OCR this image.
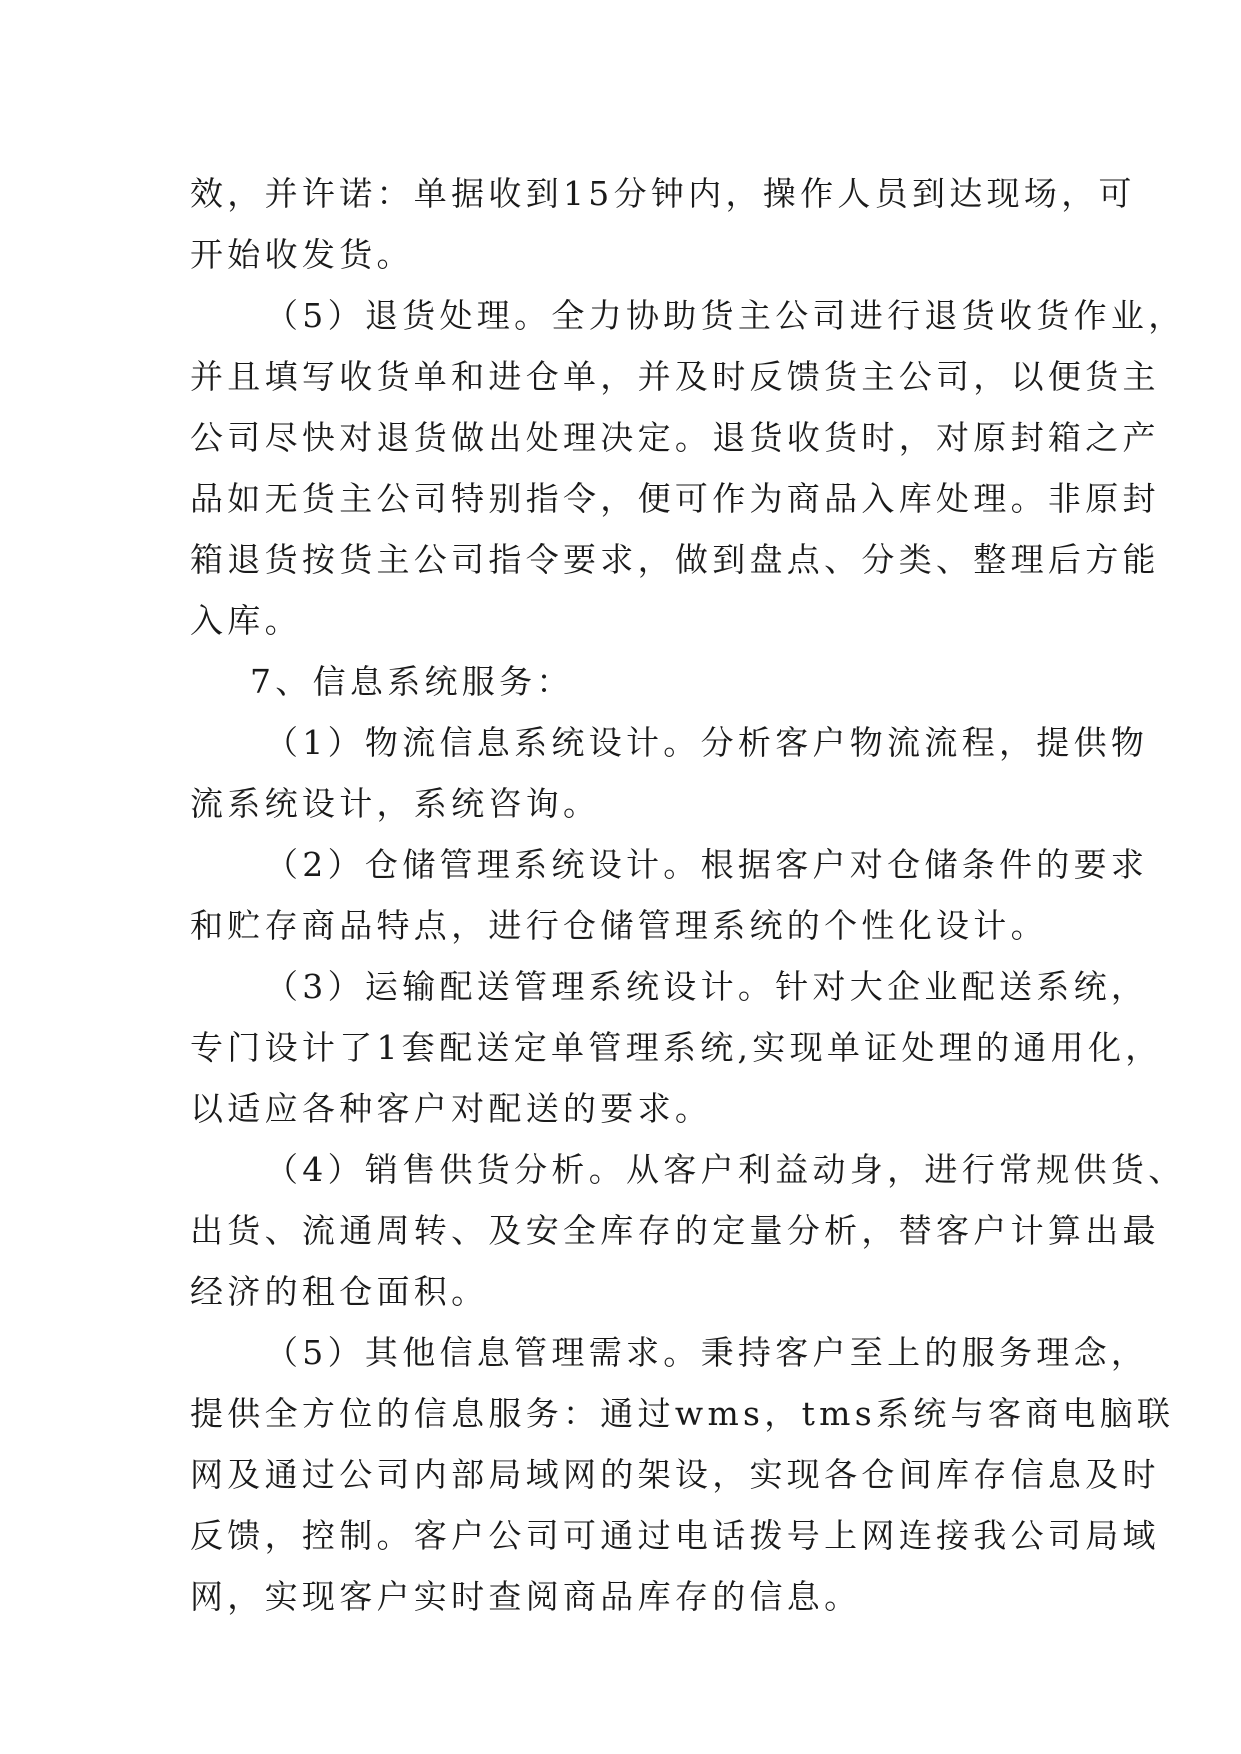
效，并许诺：单据收到15分钟内，操作人员到达现场，可
开始收发货。
（5）退货处理。全力协助货主公司进行退货收货作业，
并且填写收货单和进仓单，并及时反馈货主公司，以便货主
公司尽快对退货做出处理决定。退货收货时，对原封箱之产
品如无货主公司特别指令，便可作为商品入库处理。非原封
箱退货按货主公司指令要求，做到盘点、分类、整理后方能
入库。
7、信息系统服务：
（1）物流信息系统设计。分析客户物流流程，提供物
流系统设计，系统咨询。
（2）仓储管理系统设计。根据客户对仓储条件的要求
和贮存商品特点，进行仓储管理系统的个性化设计。
（3）运输配送管理系统设计。针对大企业配送系统，
专门设计了1套配送定单管理系统,实现单证处理的通用化，
以适应各种客户对配送的要求。
（4）销售供货分析。从客户利益动身，进行常规供货、
出货、流通周转、及安全库存的定量分析，替客户计算出最
经济的租仓面积。
（5）其他信息管理需求。秉持客户至上的服务理念，
提供全方位的信息服务：通过wms，tms系统与客商电脑联
网及通过公司内部局域网的架设，实现各仓间库存信息及时
反馈，控制。客户公司可通过电话拨号上网连接我公司局域
网，实现客户实时查阅商品库存的信息。
